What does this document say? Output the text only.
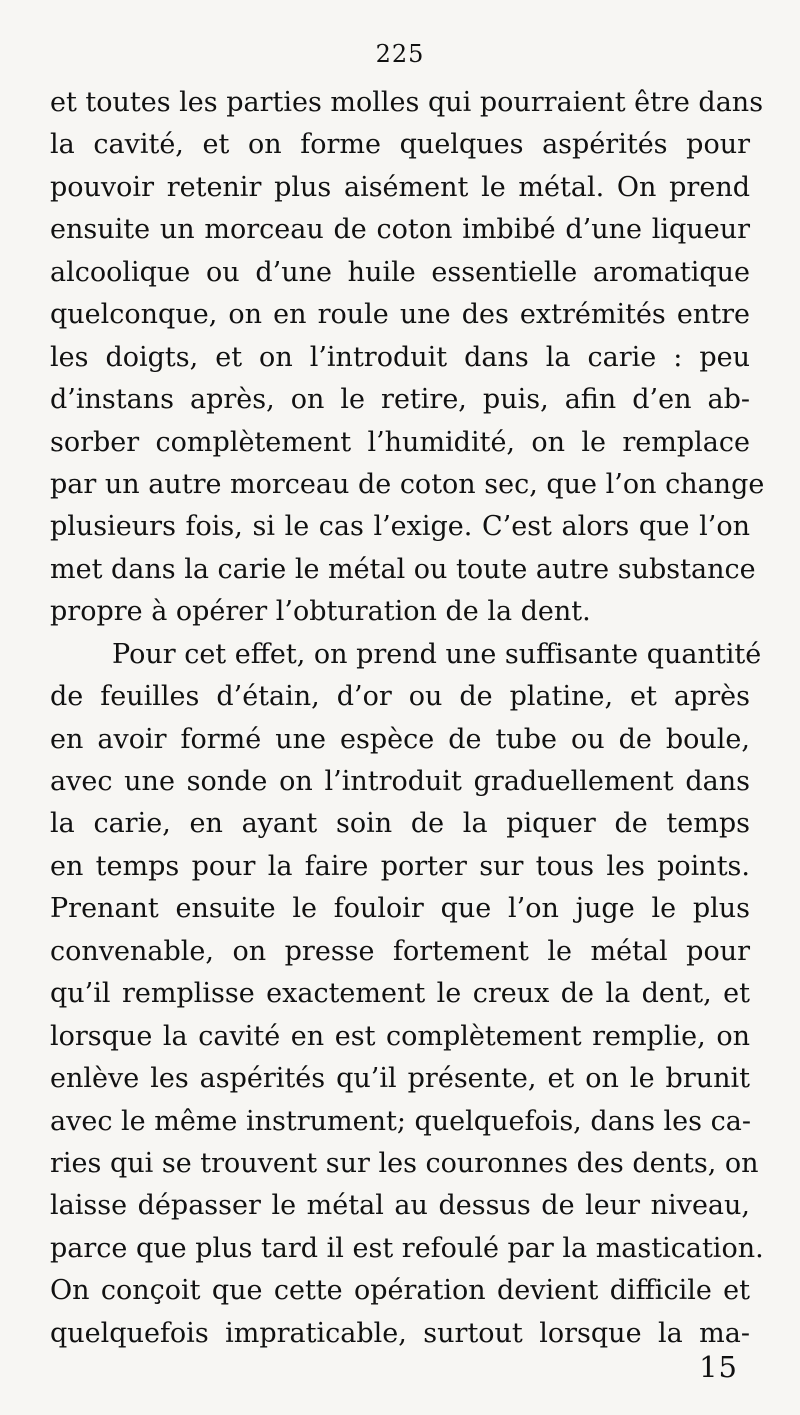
225
et toutes les parties molles qui pourraient être dans
la cavité, et on forme quelques aspérités pour
pouvoir retenir plus aisément le métal. On prend
ensuite un morceau de coton imbibé d’une liqueur
alcoolique ou d’une huile essentielle aromatique
quelconque, on en roule une des extrémités entre
les doigts, et on l’introduit dans la carie : peu
d’instans après, on le retire, puis, afin d’en ab-
sorber complètement l’humidité, on le remplace
par un autre morceau de coton sec, que l’on change
plusieurs fois, si le cas l’exige. C’est alors que l’on
met dans la carie le métal ou toute autre substance
propre à opérer l’obturation de la dent.
Pour cet effet, on prend une suffisante quantité
de feuilles d’étain, d’or ou de platine, et après
en avoir formé une espèce de tube ou de boule,
avec une sonde on l’introduit graduellement dans
la carie, en ayant soin de la piquer de temps
en temps pour la faire porter sur tous les points.
Prenant ensuite le fouloir que l’on juge le plus
convenable, on presse fortement le métal pour
qu’il remplisse exactement le creux de la dent, et
lorsque la cavité en est complètement remplie, on
enlève les aspérités qu’il présente, et on le brunit
avec le même instrument; quelquefois, dans les ca-
ries qui se trouvent sur les couronnes des dents, on
laisse dépasser le métal au dessus de leur niveau,
parce que plus tard il est refoulé par la mastication.
On conçoit que cette opération devient difficile et
quelquefois impraticable, surtout lorsque la ma-
15
